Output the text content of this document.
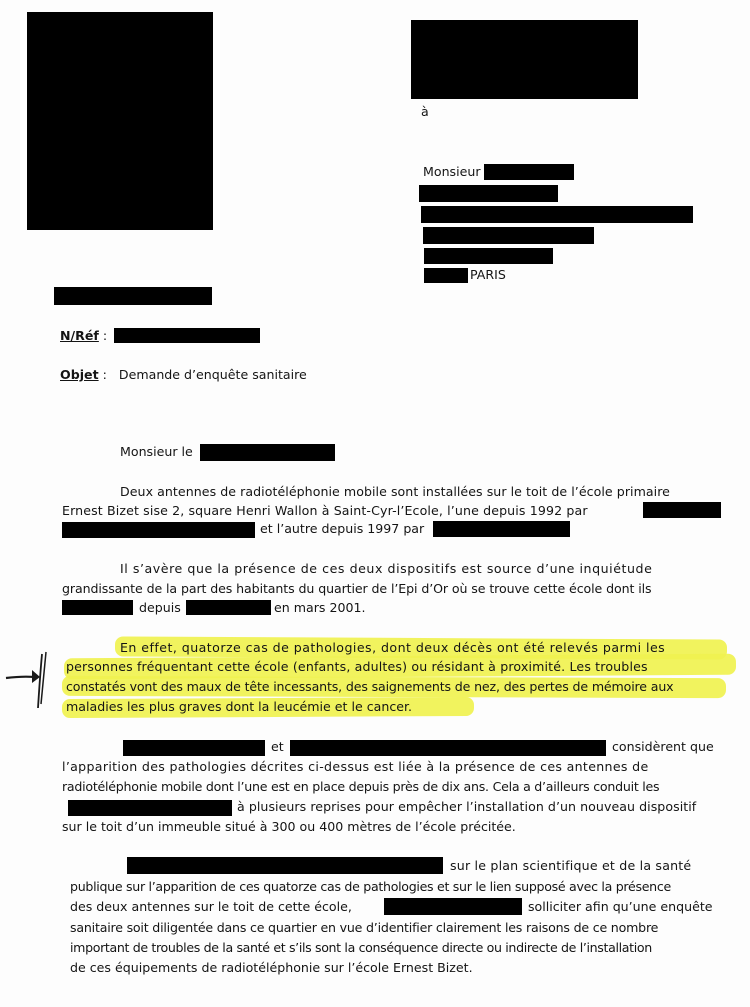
à
Monsieur
PARIS
N/Réf :
Objet : Demande d’enquête sanitaire
Monsieur le
Deux antennes de radiotéléphonie mobile sont installées sur le toit de l’école primaire
Ernest Bizet sise 2, square Henri Wallon à Saint-Cyr-l’Ecole, l’une depuis 1992 par
et l’autre depuis 1997 par
Il s’avère que la présence de ces deux dispositifs est source d’une inquiétude
grandissante de la part des habitants du quartier de l’Epi d’Or où se trouve cette école dont ils
depuis	en mars 2001.
En effet, quatorze cas de pathologies, dont deux décès ont été relevés parmi les
personnes fréquentant cette école (enfants, adultes) ou résidant à proximité. Les troubles
constatés vont des maux de tête incessants, des saignements de nez, des pertes de mémoire aux
maladies les plus graves dont la leucémie et le cancer.
et	considèrent que
l’apparition des pathologies décrites ci-dessus est liée à la présence de ces antennes de
radiotéléphonie mobile dont l’une est en place depuis près de dix ans. Cela a d’ailleurs conduit les
à plusieurs reprises pour empêcher l’installation d’un nouveau dispositif
sur le toit d’un immeuble situé à 300 ou 400 mètres de l’école précitée.
sur le plan scientifique et de la santé
publique sur l’apparition de ces quatorze cas de pathologies et sur le lien supposé avec la présence
des deux antennes sur le toit de cette école,	solliciter afin qu’une enquête
sanitaire soit diligentée dans ce quartier en vue d’identifier clairement les raisons de ce nombre
important de troubles de la santé et s’ils sont la conséquence directe ou indirecte de l’installation
de ces équipements de radiotéléphonie sur l’école Ernest Bizet.
